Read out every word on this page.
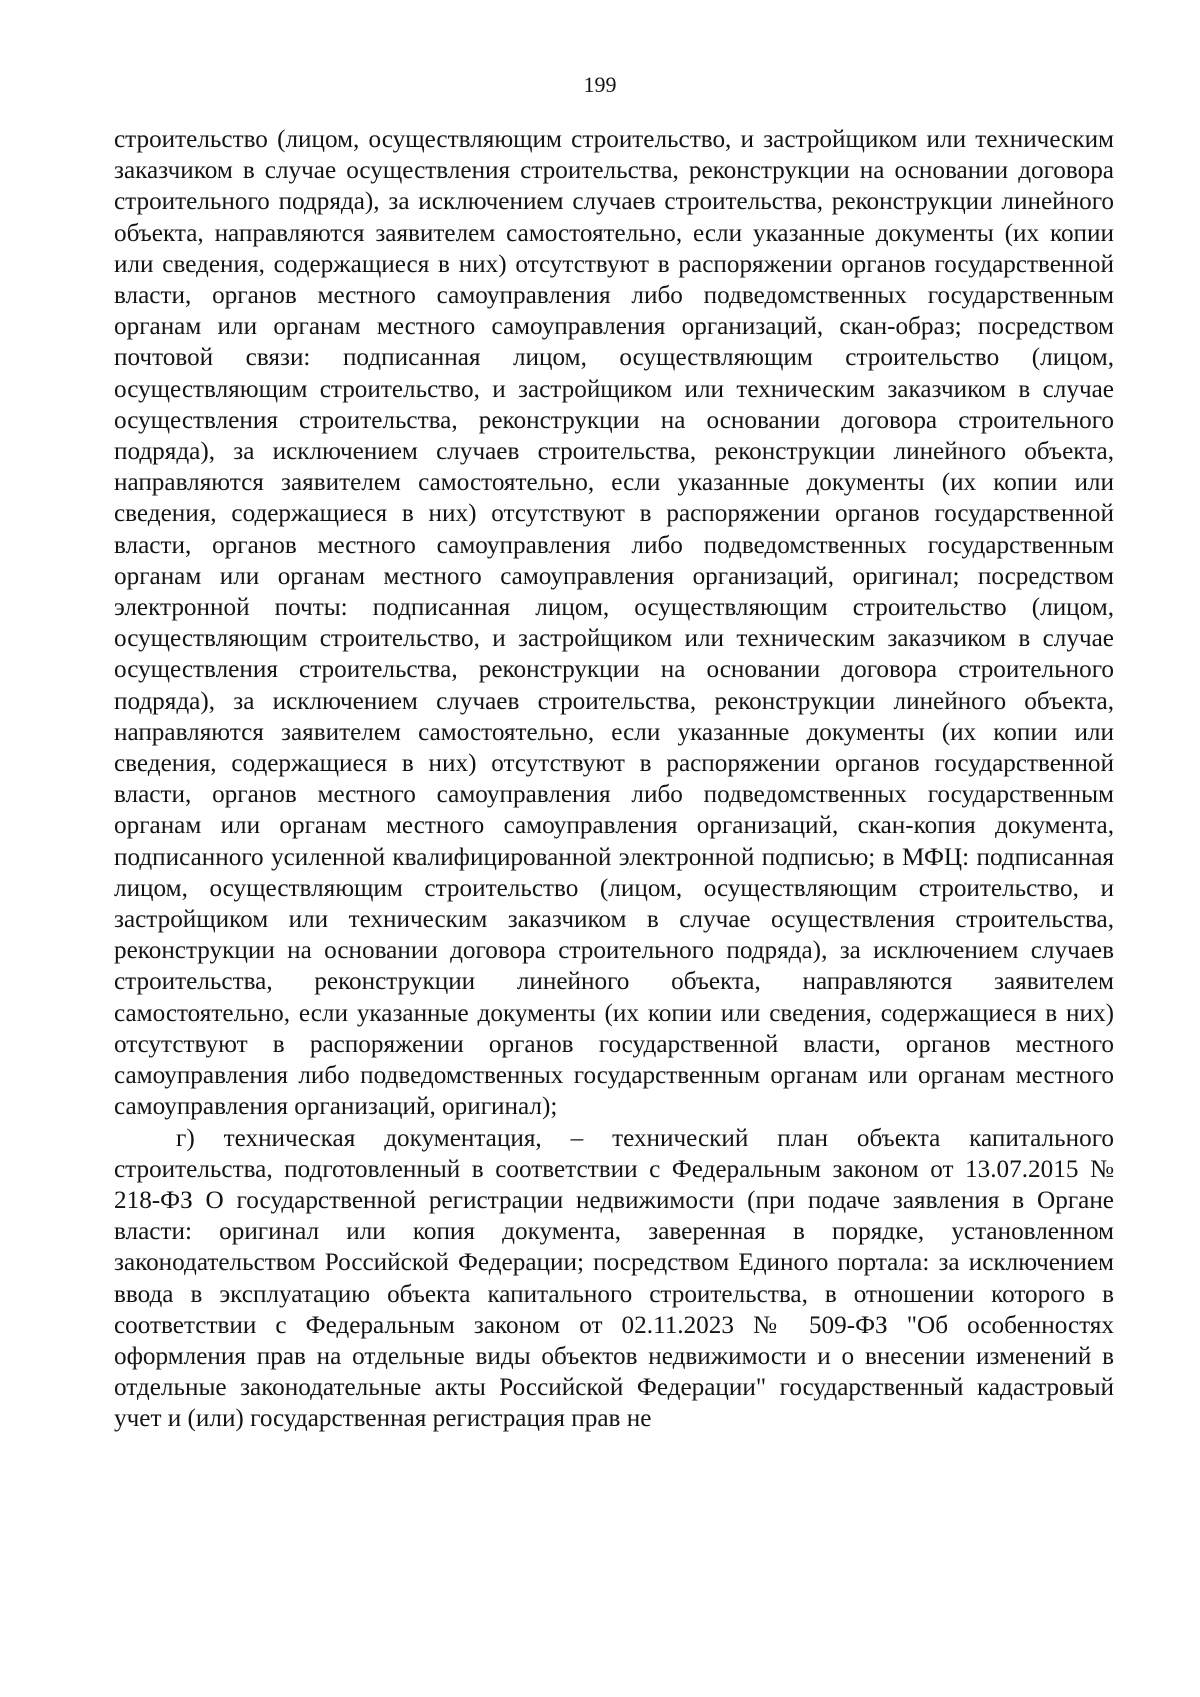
199

строительство (лицом, осуществляющим строительство, и застройщиком или техническим заказчиком в случае осуществления строительства, реконструкции на основании договора строительного подряда), за исключением случаев строительства, реконструкции линейного объекта, направляются заявителем самостоятельно, если указанные документы (их копии или сведения, содержащиеся в них) отсутствуют в распоряжении органов государственной власти, органов местного самоуправления либо подведомственных государственным органам или органам местного самоуправления организаций, скан-образ; посредством почтовой связи: подписанная лицом, осуществляющим строительство (лицом, осуществляющим строительство, и застройщиком или техническим заказчиком в случае осуществления строительства, реконструкции на основании договора строительного подряда), за исключением случаев строительства, реконструкции линейного объекта, направляются заявителем самостоятельно, если указанные документы (их копии или сведения, содержащиеся в них) отсутствуют в распоряжении органов государственной власти, органов местного самоуправления либо подведомственных государственным органам или органам местного самоуправления организаций, оригинал; посредством электронной почты: подписанная лицом, осуществляющим строительство (лицом, осуществляющим строительство, и застройщиком или техническим заказчиком в случае осуществления строительства, реконструкции на основании договора строительного подряда), за исключением случаев строительства, реконструкции линейного объекта, направляются заявителем самостоятельно, если указанные документы (их копии или сведения, содержащиеся в них) отсутствуют в распоряжении органов государственной власти, органов местного самоуправления либо подведомственных государственным органам или органам местного самоуправления организаций, скан-копия документа, подписанного усиленной квалифицированной электронной подписью; в МФЦ: подписанная лицом, осуществляющим строительство (лицом, осуществляющим строительство, и застройщиком или техническим заказчиком в случае осуществления строительства, реконструкции на основании договора строительного подряда), за исключением случаев строительства, реконструкции линейного объекта, направляются заявителем самостоятельно, если указанные документы (их копии или сведения, содержащиеся в них) отсутствуют в распоряжении органов государственной власти, органов местного самоуправления либо подведомственных государственным органам или органам местного самоуправления организаций, оригинал);

г) техническая документация, – технический план объекта капитального строительства, подготовленный в соответствии с Федеральным законом от 13.07.2015 № 218-ФЗ О государственной регистрации недвижимости (при подаче заявления в Органе власти: оригинал или копия документа, заверенная в порядке, установленном законодательством Российской Федерации; посредством Единого портала: за исключением ввода в эксплуатацию объекта капитального строительства, в отношении которого в соответствии с Федеральным законом от 02.11.2023 № 509-ФЗ "Об особенностях оформления прав на отдельные виды объектов недвижимости и о внесении изменений в отдельные законодательные акты Российской Федерации" государственный кадастровый учет и (или) государственная регистрация прав не
